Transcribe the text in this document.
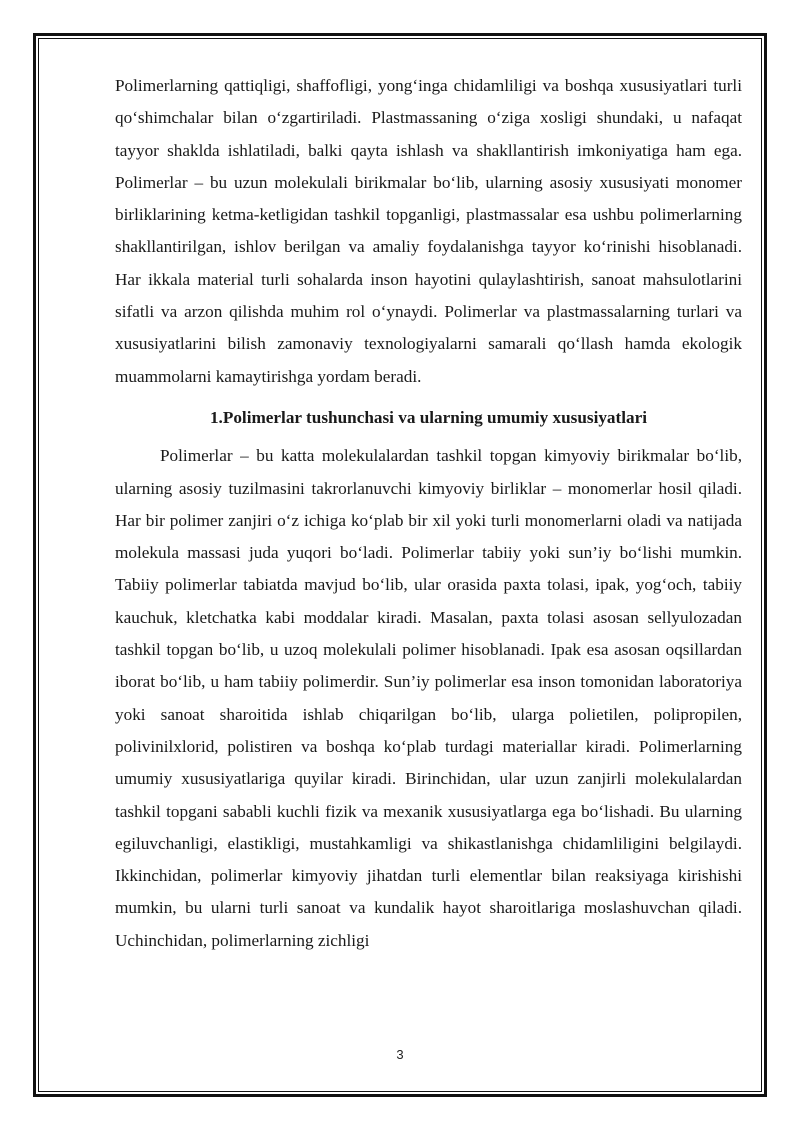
Polimerlarning qattiqligi, shaffofligi, yong‘inga chidamliligi va boshqa xususiyatlari turli qo‘shimchalar bilan o‘zgartiriladi. Plastmassaning o‘ziga xosligi shundaki, u nafaqat tayyor shaklda ishlatiladi, balki qayta ishlash va shakllantirish imkoniyatiga ham ega. Polimerlar – bu uzun molekulali birikmalar bo‘lib, ularning asosiy xususiyati monomer birliklarining ketma-ketligidan tashkil topganligi, plastmassalar esa ushbu polimerlarning shakllantirilgan, ishlov berilgan va amaliy foydalanishga tayyor ko‘rinishi hisoblanadi. Har ikkala material turli sohalarda inson hayotini qulaylashtirish, sanoat mahsulotlarini sifatli va arzon qilishda muhim rol o‘ynaydi. Polimerlar va plastmassalarning turlari va xususiyatlarini bilish zamonaviy texnologiyalarni samarali qo‘llash hamda ekologik muammolarni kamaytirishga yordam beradi.

1.Polimerlar tushunchasi va ularning umumiy xususiyatlari

Polimerlar – bu katta molekulalardan tashkil topgan kimyoviy birikmalar bo‘lib, ularning asosiy tuzilmasini takrorlanuvchi kimyoviy birliklar – monomerlar hosil qiladi. Har bir polimer zanjiri o‘z ichiga ko‘plab bir xil yoki turli monomerlarni oladi va natijada molekula massasi juda yuqori bo‘ladi. Polimerlar tabiiy yoki sun’iy bo‘lishi mumkin. Tabiiy polimerlar tabiatda mavjud bo‘lib, ular orasida paxta tolasi, ipak, yog‘och, tabiiy kauchuk, kletchatka kabi moddalar kiradi. Masalan, paxta tolasi asosan sellyulozadan tashkil topgan bo‘lib, u uzoq molekulali polimer hisoblanadi. Ipak esa asosan oqsillardan iborat bo‘lib, u ham tabiiy polimerdir. Sun’iy polimerlar esa inson tomonidan laboratoriya yoki sanoat sharoitida ishlab chiqarilgan bo‘lib, ularga polietilen, polipropilen, polivinilxlorid, polistiren va boshqa ko‘plab turdagi materiallar kiradi. Polimerlarning umumiy xususiyatlariga quyilar kiradi. Birinchidan, ular uzun zanjirli molekulalardan tashkil topgani sababli kuchli fizik va mexanik xususiyatlarga ega bo‘lishadi. Bu ularning egiluvchanligi, elastikligi, mustahkamligi va shikastlanishga chidamliligini belgilaydi. Ikkinchidan, polimerlar kimyoviy jihatdan turli elementlar bilan reaksiyaga kirishishi mumkin, bu ularni turli sanoat va kundalik hayot sharoitlariga moslashuvchan qiladi. Uchinchidan, polimerlarning zichligi

3
